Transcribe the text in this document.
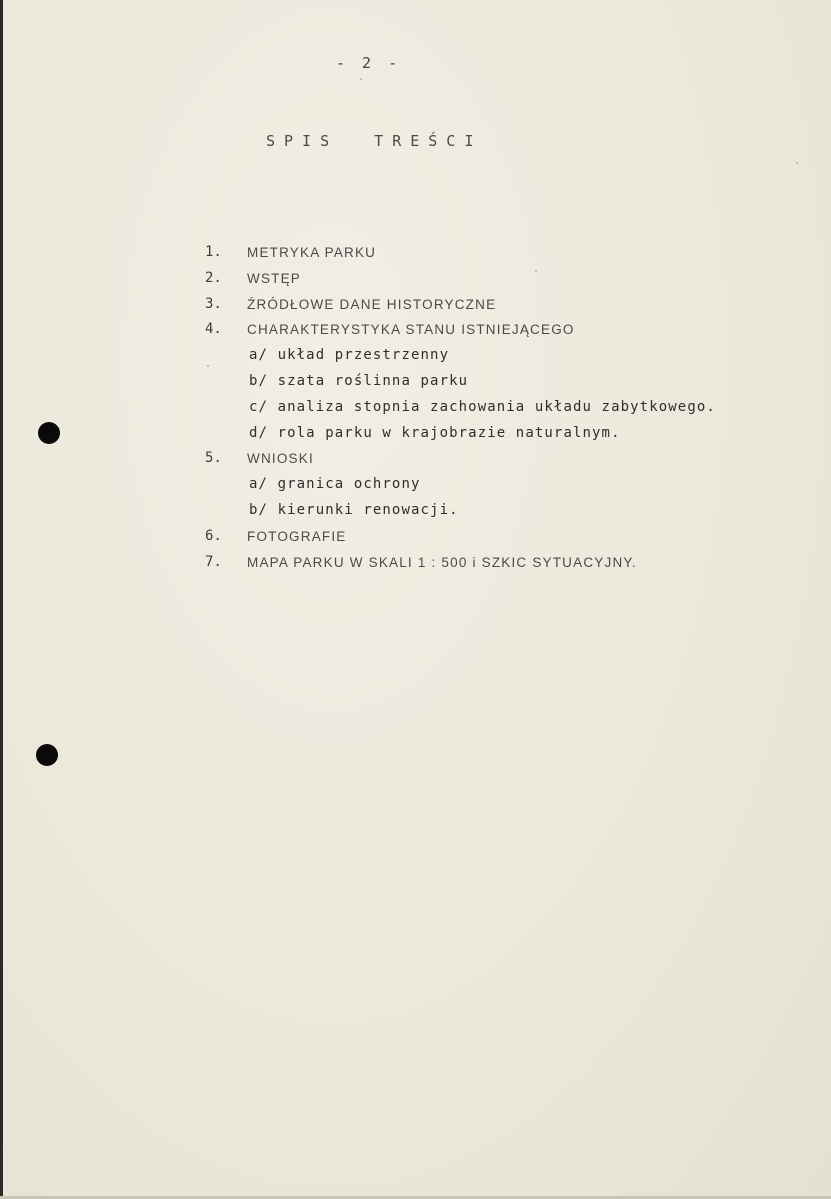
- 2 -
SPIS  TREŚCI
1.	METRYKA PARKU
2.	WSTĘP
3.	ŹRÓDŁOWE DANE HISTORYCZNE
4.	CHARAKTERYSTYKA STANU ISTNIEJĄCEGO
a/ układ przestrzenny
b/ szata roślinna parku
c/ analiza stopnia zachowania układu zabytkowego.
d/ rola parku w krajobrazie naturalnym.
5.	WNIOSKI
a/ granica ochrony
b/ kierunki renowacji.
6.	FOTOGRAFIE
7.	MAPA PARKU W SKALI 1 : 500 i SZKIC SYTUACYJNY.
